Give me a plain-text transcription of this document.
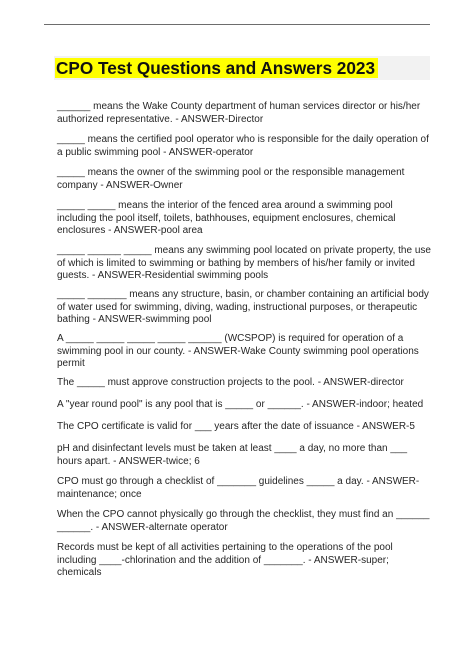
CPO Test Questions and Answers 2023

______ means the Wake County department of human services director or his/her authorized representative. - ANSWER-Director

_____ means the certified pool operator who is responsible for the daily operation of a public swimming pool - ANSWER-operator

_____ means the owner of the swimming pool or the responsible management company - ANSWER-Owner

_____ _____ means the interior of the fenced area around a swimming pool including the pool itself, toilets, bathhouses, equipment enclosures, chemical enclosures - ANSWER-pool area

_____ ______ _____ means any swimming pool located on private property, the use of which is limited to swimming or bathing by members of his/her family or invited guests. - ANSWER-Residential swimming pools

_____ _______ means any structure, basin, or chamber containing an artificial body of water used for swimming, diving, wading, instructional purposes, or therapeutic bathing - ANSWER-swimming pool

A _____ _____ _____ _____ ______ (WCSPOP) is required for operation of a swimming pool in our county. - ANSWER-Wake County swimming pool operations permit

The _____ must approve construction projects to the pool. - ANSWER-director

A "year round pool" is any pool that is _____ or ______. - ANSWER-indoor; heated

The CPO certificate is valid for ___ years after the date of issuance - ANSWER-5

pH and disinfectant levels must be taken at least ____ a day, no more than ___ hours apart. - ANSWER-twice; 6

CPO must go through a checklist of _______ guidelines _____ a day. - ANSWER-maintenance; once

When the CPO cannot physically go through the checklist, they must find an ______ ______. - ANSWER-alternate operator

Records must be kept of all activities pertaining to the operations of the pool including ____-chlorination and the addition of _______. - ANSWER-super; chemicals
